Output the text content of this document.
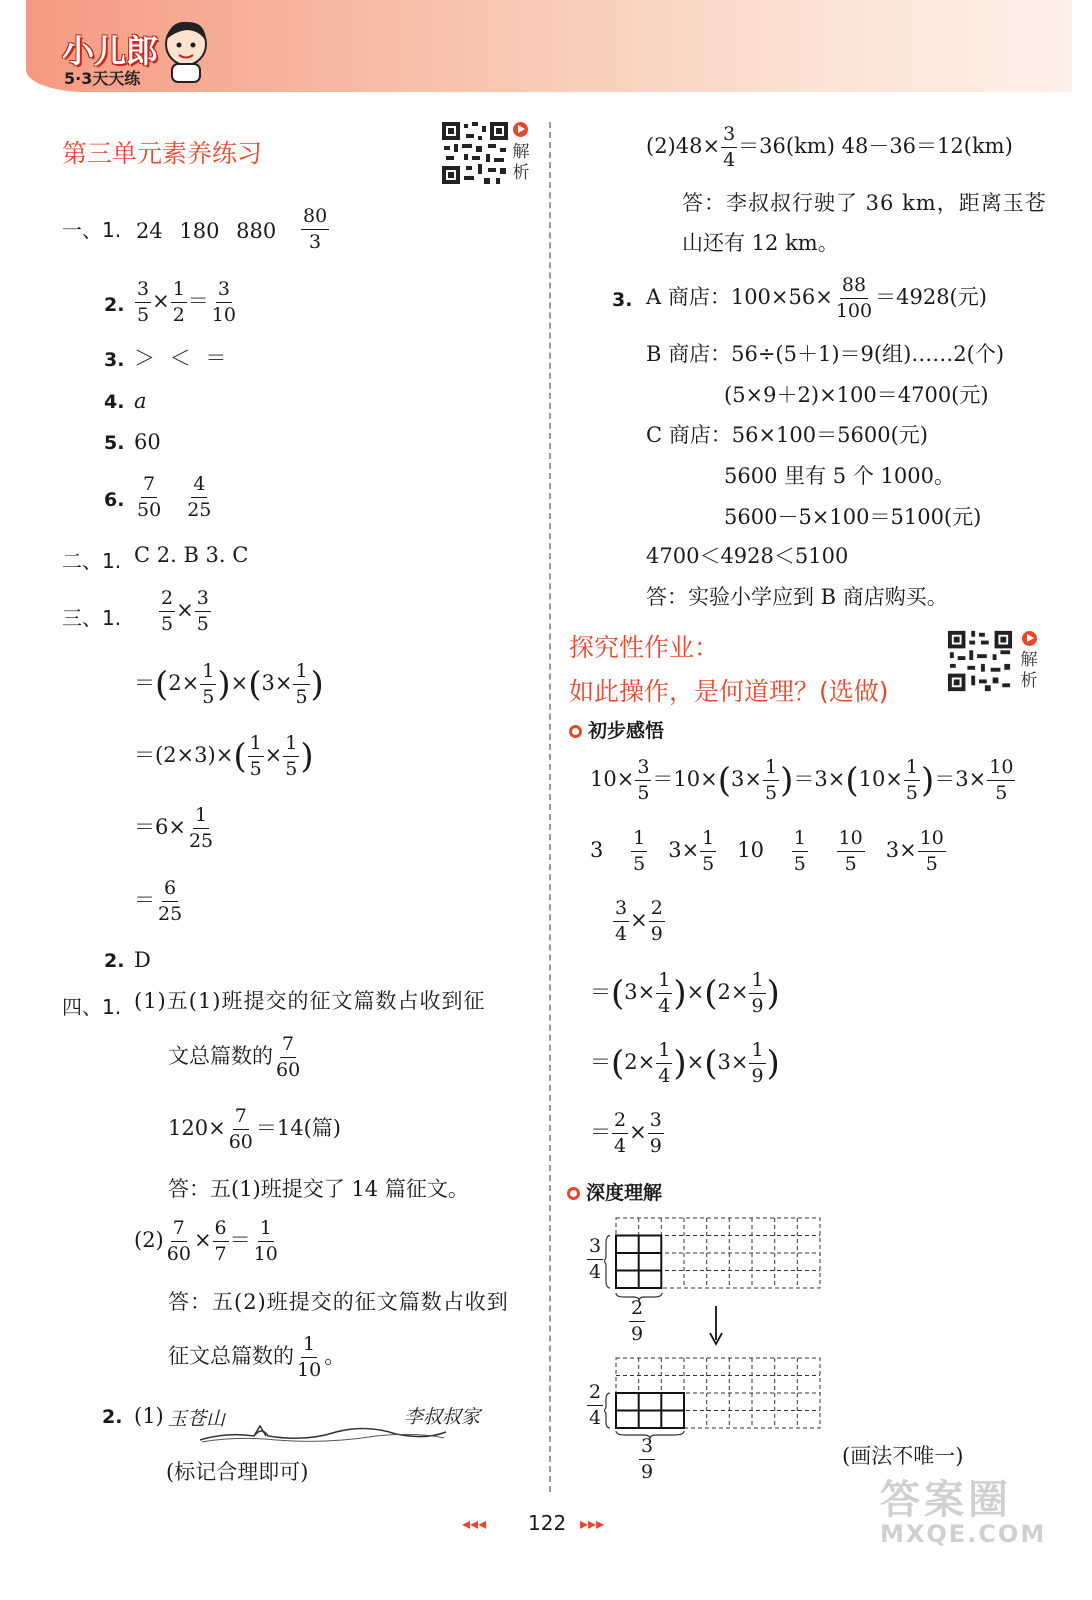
小儿郎
5·3天天练
第三单元素养练习	解析
一、1. 24 180 $880 \frac{80}{3}$
2. $\frac{3}{5} \times \frac{1}{2} = \frac{3}{10}$
3. ＞ ＜ ＝
4. a
5. 60
6. $\frac{7}{50}$
$\frac{4}{25}$
二、1. C 2. B 3. C
三、1. $\frac{2}{5} \times \frac{3}{5}$
$=(2\times \frac{1}{5} )\times(3\times \frac{1}{5}$ )
$=(2\times 3)\times( \frac{1}{5} \times \frac{1}{5}$ )
$=6\times \frac{1}{25}$
＝ $\frac{6}{25}$
2. D
四、1. (1)五(1)班提交的征文篇数占收到征
文总篇数的 $\frac{7}{60}$
$120\times \frac{7}{60} =14$(篇)
答：五(1)班提交了 14 篇征文。
$(2) \frac{7}{60} \times \frac{6}{7} = \frac{1}{10}$
答：五(2)班提交的征文篇数占收到
征文总篇数的 $\frac{1}{10}$ 。
2. (1) 玉苍山	李叔叔家
(标记合理即可)
$(2)48\times \frac{3}{4} =36(km)$ 48－36＝12(km)
答：李叔叔行驶了 36 km，距离玉苍
山还有 12 km。
3. A 商店：$100\times 56\times \frac{88}{100} =4928$(元)
B 商店：56÷(5＋1)＝9(组)……2(个)
(5×9＋2)×100＝4700(元)
C 商店：56×100＝5600(元)
5600 里有 5 个 1000。
5600－5×100＝5100(元)
4700＜4928＜5100
答：实验小学应到 B 商店购买。
探究性作业：
如此操作，是何道理？(选做)
解析
初步感悟
$10\times \frac{3}{5} =10\times(3\times \frac{1}{5} )=3\times(10\times \frac{1}{5} )=3\times \frac{10}{5}$
$3 \frac{1}{5} 3\times \frac{1}{5} 10 \frac{1}{5}$
$\frac{10}{5} 3\times \frac{10}{5}$
$\frac{3}{4} \times \frac{2}{9}$
$=(3\times \frac{1}{4} )\times(2\times \frac{1}{9}$ )
$=(2\times \frac{1}{4} )\times(3\times \frac{1}{9}$ )
＝ $\frac{2}{4} \times \frac{3}{9}$
深度理解
$\frac{3}{4}$
$\frac{2}{9}$
$\frac{2}{4}$
$\frac{3}{9}$	(画法不唯一)
◂◂◂ 122 ▸▸▸
答案圈
MXQE.COM
